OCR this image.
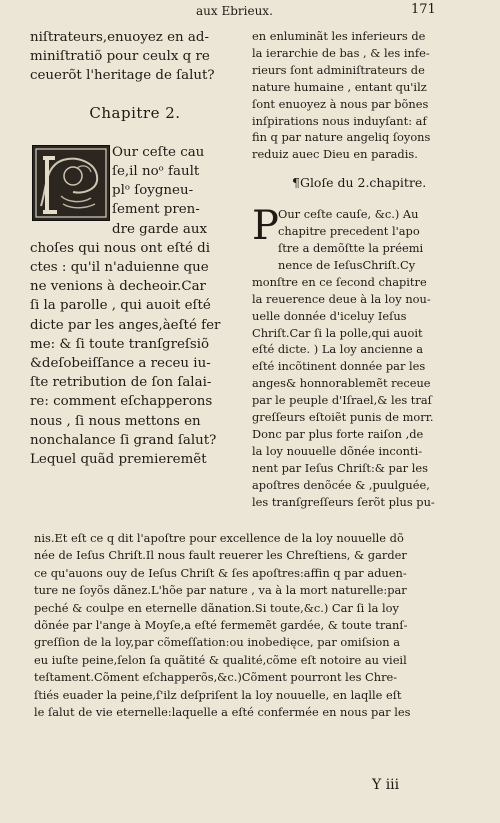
aux Ebrieux.	171
niſtrateurs,enuoyez en ad-
miniſtratiõ pour ceulx q re
ceuerõt l'heritage de ſalut?
Chapitre 2.
Our ceſte cau
ſe,il noᵒ fault
plᵒ ſoygneu-
ſement pren-
dre garde aux
choſes qui nous ont eſté di
ctes : qu'il n'aduienne que
ne venions à decheoir.Car
ſi la parolle , qui auoit eſté
dicte par les anges,àeſté fer
me: & ſi toute tranſgreſsiõ
&deſobeiſſance a receu iu-
ſte retribution de ſon ſalai-
re: comment eſchapperons
nous , ſi nous mettons en
nonchalance ſi grand ſalut?
Lequel quãd premieremẽt
en enluminãt les inferieurs de
la ierarchie de bas , & les infe-
rieurs ſont adminiſtrateurs de
nature humaine , entant qu'ilz
ſont enuoyez à nous par bõnes
inſpirations nous induyſant: af
fin q par nature angeliq ſoyons
reduiz auec Dieu en paradis.
¶Gloſe du 2.chapitre.
P Our ceſte cauſe, &c.) Au
chapitre precedent l'apo
ſtre a demõſtte la préemi
nence de IeſusChriſt.Cy
monſtre en ce ſecond chapitre
la reuerence deue à la loy nou-
uelle donnée d'iceluy Ieſus
Chriſt.Car ſi la polle,qui auoit
eſté dicte. ) La loy ancienne a
eſté incõtinent donnée par les
anges& honnorablemẽt receue
par le peuple d'Iſrael,& les traſ
greſſeurs eſtoiẽt punis de morr.
Donc par plus forte raiſon ,de
la loy nouuelle dõnée inconti-
nent par Ieſus Chriſt:& par les
apoſtres denõcée & ,puulguée,
les tranſgreſſeurs ſerõt plus pu-
nis.Et eſt ce q dit l'apoſtre pour excellence de la loy nouuelle dõ
née de Ieſus Chriſt.Il nous fault reuerer les Chreſtiens, & garder
ce qu'auons ouy de Ieſus Chriſt & ſes apoſtres:affin q par aduen-
ture ne ſoyõs dãnez.L'hõe par nature , va à la mort naturelle:par
peché & coulpe en eternelle dãnation.Si toute,&c.) Car ſi la loy
dõnée par l'ange à Moyſe,a eſté fermemẽt gardée, & toute tranſ-
greſſion de la loy,par cõmeſſation:ou inobedięce, par omiſsion a
eu iuſte peine,ſelon ſa quãtité & qualité,cõme eſt notoire au vieil
teſtament.Cõment eſchapperõs,&c.)Cõment pourront les Chre-
ſtiés euader la peine,ſ'ilz deſpriſent la loy nouuelle, en laqlle eſt
le ſalut de vie eternelle:laquelle a eſté confermée en nous par les
Y iii
